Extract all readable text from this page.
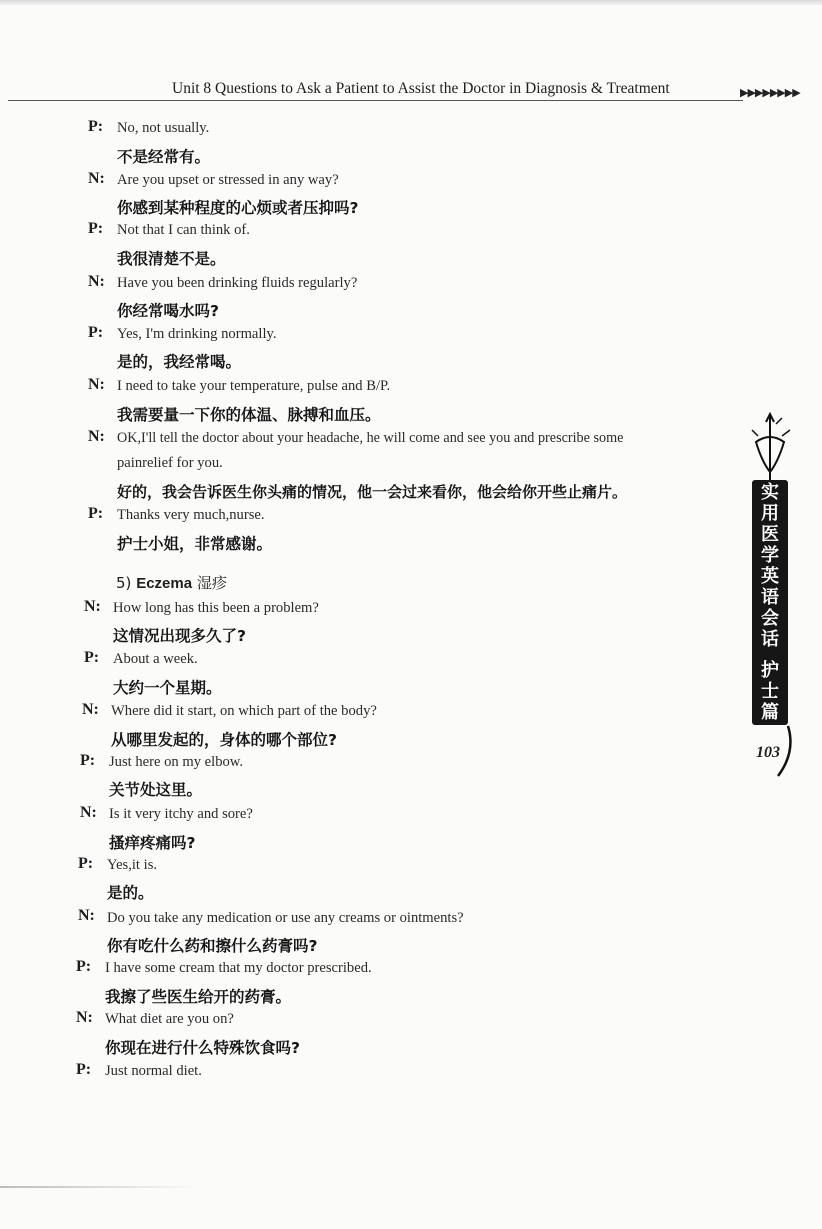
Unit 8 Questions to Ask a Patient to Assist the Doctor in Diagnosis & Treatment	▶▶▶▶▶▶▶▶
P: No, not usually.
不是经常有。
N: Are you upset or stressed in any way?
你感到某种程度的心烦或者压抑吗?
P: Not that I can think of.
我很清楚不是。
N: Have you been drinking fluids regularly?
你经常喝水吗?
P: Yes, I'm drinking normally.
是的，我经常喝。
N: I need to take your temperature, pulse and B/P.
我需要量一下你的体温、脉搏和血压。
N: OK,I'll tell the doctor about your headache, he will come and see you and prescribe some
painrelief for you.
好的，我会告诉医生你头痛的情况，他一会过来看你，他会给你开些止痛片。
P: Thanks very much,nurse.
护士小姐，非常感谢。
5) Eczema 湿疹
N: How long has this been a problem?
这情况出现多久了?
P: About a week.
大约一个星期。
N: Where did it start, on which part of the body?
从哪里发起的，身体的哪个部位?
P: Just here on my elbow.
关节处这里。
N: Is it very itchy and sore?
搔痒疼痛吗?
P: Yes,it is.
是的。
N: Do you take any medication or use any creams or ointments?
你有吃什么药和擦什么药膏吗?
P: I have some cream that my doctor prescribed.
我擦了些医生给开的药膏。
N: What diet are you on?
你现在进行什么特殊饮食吗?
P: Just normal diet.
实
用
医
学
英
语
会
话
护
士
篇
103
